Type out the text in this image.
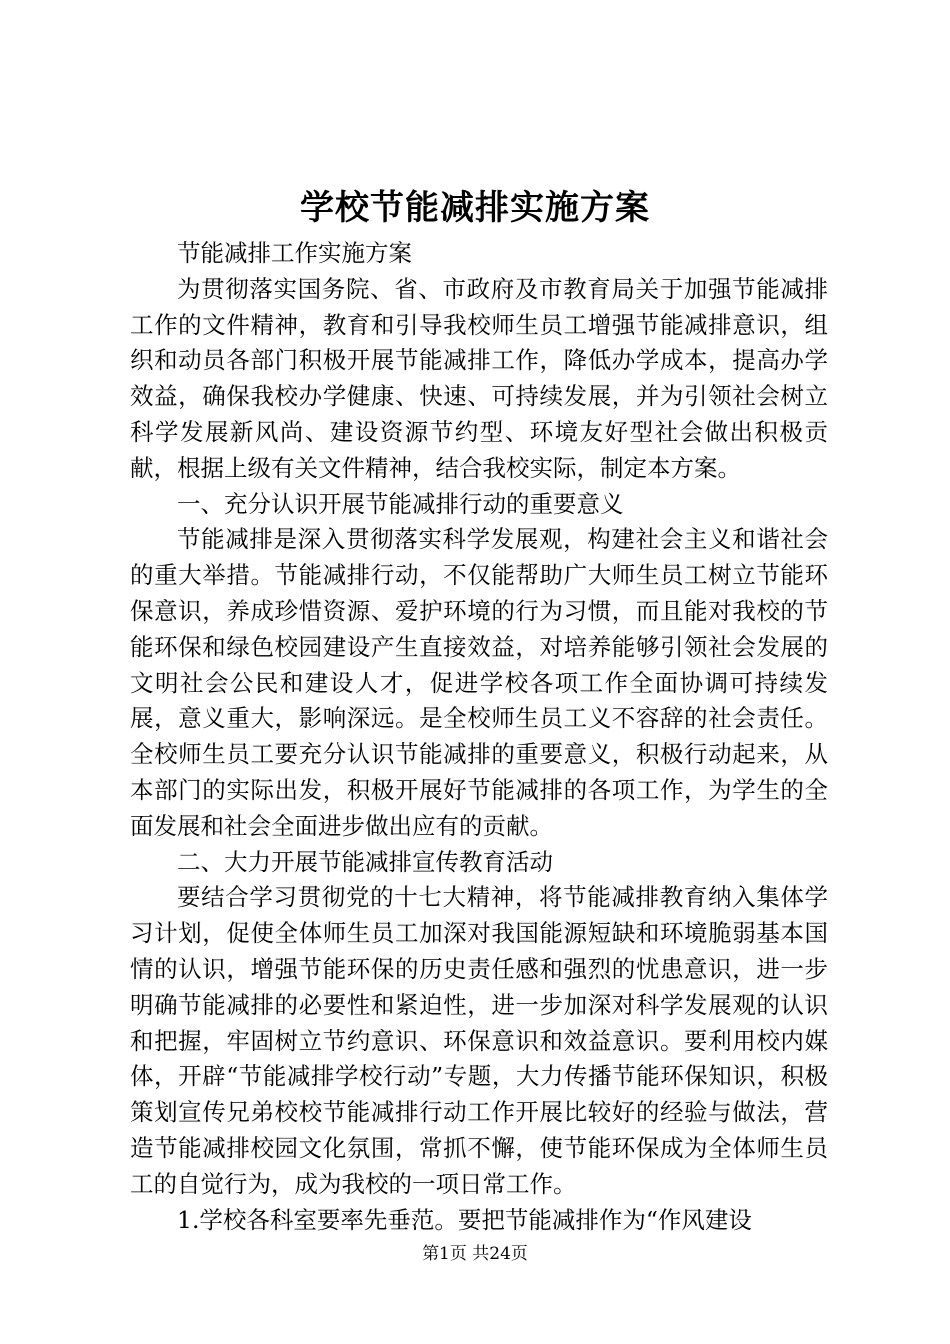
学校节能减排实施方案

节能减排工作实施方案

为贯彻落实国务院、省、市政府及市教育局关于加强节能减排工作的文件精神，教育和引导我校师生员工增强节能减排意识，组织和动员各部门积极开展节能减排工作，降低办学成本，提高办学效益，确保我校办学健康、快速、可持续发展，并为引领社会树立科学发展新风尚、建设资源节约型、环境友好型社会做出积极贡献，根据上级有关文件精神，结合我校实际，制定本方案。

一、充分认识开展节能减排行动的重要意义

节能减排是深入贯彻落实科学发展观，构建社会主义和谐社会的重大举措。节能减排行动，不仅能帮助广大师生员工树立节能环保意识，养成珍惜资源、爱护环境的行为习惯，而且能对我校的节能环保和绿色校园建设产生直接效益，对培养能够引领社会发展的文明社会公民和建设人才，促进学校各项工作全面协调可持续发展，意义重大，影响深远。是全校师生员工义不容辞的社会责任。全校师生员工要充分认识节能减排的重要意义，积极行动起来，从本部门的实际出发，积极开展好节能减排的各项工作，为学生的全面发展和社会全面进步做出应有的贡献。

二、大力开展节能减排宣传教育活动

要结合学习贯彻党的十七大精神，将节能减排教育纳入集体学习计划，促使全体师生员工加深对我国能源短缺和环境脆弱基本国情的认识，增强节能环保的历史责任感和强烈的忧患意识，进一步明确节能减排的必要性和紧迫性，进一步加深对科学发展观的认识和把握，牢固树立节约意识、环保意识和效益意识。要利用校内媒体，开辟“节能减排学校行动”专题，大力传播节能环保知识，积极策划宣传兄弟校校节能减排行动工作开展比较好的经验与做法，营造节能减排校园文化氛围，常抓不懈，使节能环保成为全体师生员工的自觉行为，成为我校的一项日常工作。

1.学校各科室要率先垂范。要把节能减排作为“作风建设

第1页 共24页
